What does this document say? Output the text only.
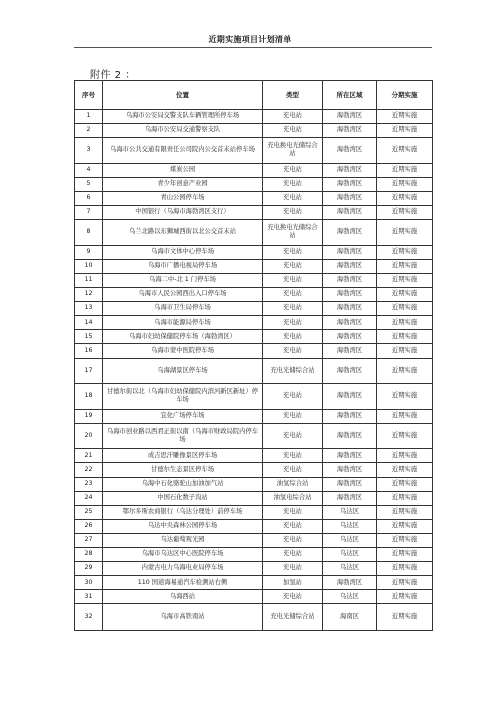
近期实施项目计划清单
附件 2 ：
序号	位置	类型	所在区域	分期实施
1	乌海市公安局交警支队车辆管理所停车场	充电站	海勃湾区	近期实施
2	乌海市公安局交通警察支队	充电站	海勃湾区	近期实施
3	乌海市公共交通有限责任公司院内公交首末站停车场	充电换电光储综合站	海勃湾区	近期实施
4	煤炭公园	充电站	海勃湾区	近期实施
5	青少年创意产业园	充电站	海勃湾区	近期实施
6	青山公园停车场	充电站	海勃湾区	近期实施
7	中国银行（乌海市海勃湾区支行）	充电站	海勃湾区	近期实施
8	乌兰北路以东狮城西街以北公交首末站	充电换电光储综合站	海勃湾区	近期实施
9	乌海市文体中心停车场	充电站	海勃湾区	近期实施
10	乌海市广播电视局停车场	充电站	海勃湾区	近期实施
11	乌海二中-北 1 门停车场	充电站	海勃湾区	近期实施
12	乌海市人民公园西出入口停车场	充电站	海勃湾区	近期实施
13	乌海市卫生局停车场	充电站	海勃湾区	近期实施
14	乌海市能源局停车场	充电站	海勃湾区	近期实施
15	乌海市妇幼保健院停车场（海勃湾区）	充电站	海勃湾区	近期实施
16	乌海市蒙中医院停车场	充电站	海勃湾区	近期实施
17	乌海湖景区停车场	充电光储综合站	海勃湾区	近期实施
18	甘德尔街以北（乌海市妇幼保健院内滨河新区新址）停车场	充电站	海勃湾区	近期实施
19	宜化广场停车场	充电站	海勃湾区	近期实施
20	乌海市创业路以西君正街以南（乌海市财政局院内停车场	充电站	海勃湾区	近期实施
21	成吉思汗雕像景区停车场	充电站	海勃湾区	近期实施
22	甘德尔生态景区停车场	充电站	海勃湾区	近期实施
23	乌海中石化骆驼山加油加气站	油氢综合站	海勃湾区	近期实施
24	中国石化数子沟站	油氢电综合站	海勃湾区	近期实施
25	鄂尔多斯农商银行（乌达分理处）前停车场	充电站	乌达区	近期实施
26	乌达中央森林公园停车场	充电站	乌达区	近期实施
27	乌达葡萄观光园	充电站	乌达区	近期实施
28	乌海市乌达区中心医院停车场	充电站	乌达区	近期实施
29	内蒙古电力乌海电业局停车场	充电站	乌达区	近期实施
30	110 国道海易通汽车检测站右侧	加氢站	海勃湾区	近期实施
31	乌海西站	充电站	乌达区	近期实施
32	乌海市高铁南站	充电光储综合站	海南区	近期实施
